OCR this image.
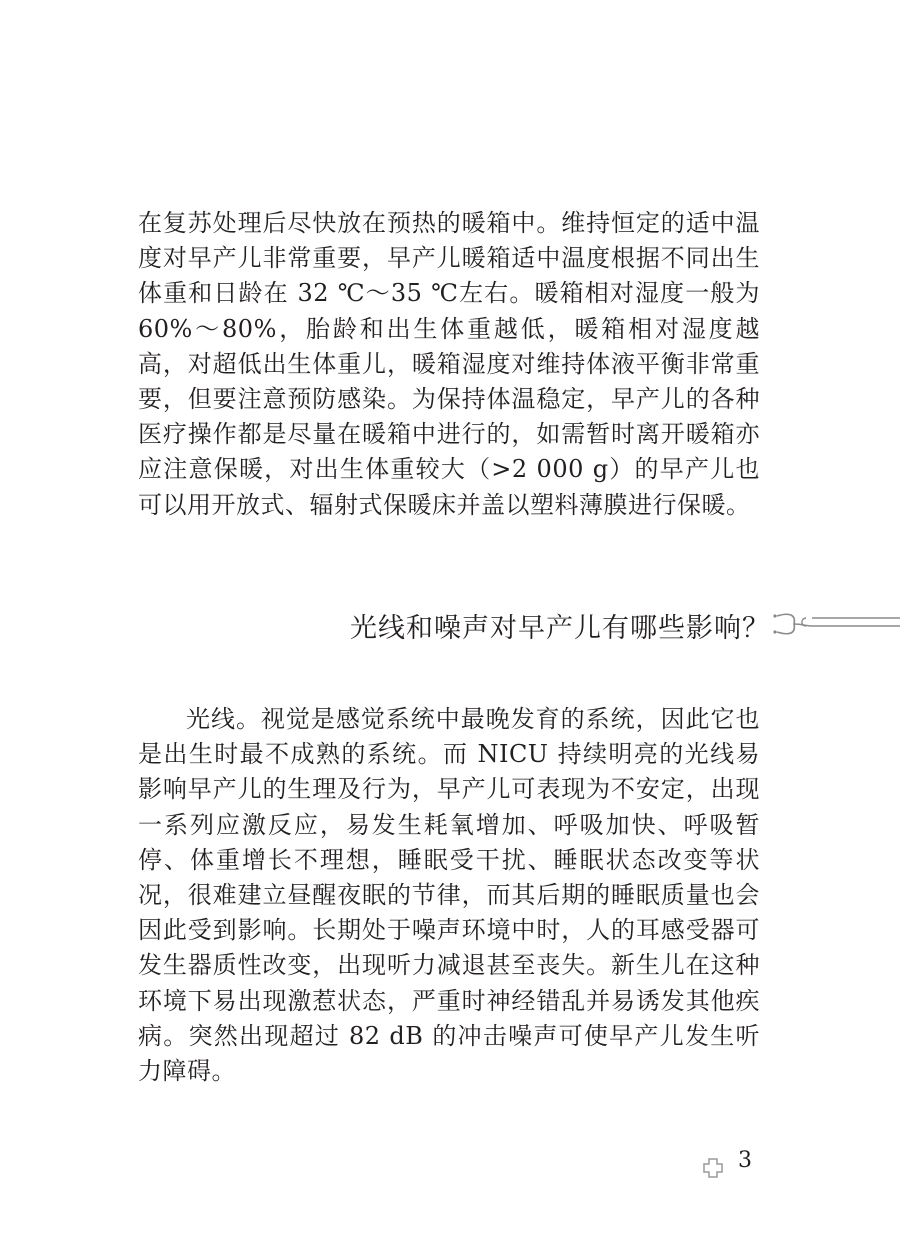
在复苏处理后尽快放在预热的暖箱中。维持恒定的适中温度对早产儿非常重要，早产儿暖箱适中温度根据不同出生体重和日龄在 32 ℃～35 ℃左右。暖箱相对湿度一般为 60%～80%，胎龄和出生体重越低，暖箱相对湿度越高，对超低出生体重儿，暖箱湿度对维持体液平衡非常重要，但要注意预防感染。为保持体温稳定，早产儿的各种医疗操作都是尽量在暖箱中进行的，如需暂时离开暖箱亦应注意保暖，对出生体重较大（>2 000 g）的早产儿也可以用开放式、辐射式保暖床并盖以塑料薄膜进行保暖。

光线和噪声对早产儿有哪些影响？

光线。视觉是感觉系统中最晚发育的系统，因此它也是出生时最不成熟的系统。而 NICU 持续明亮的光线易影响早产儿的生理及行为，早产儿可表现为不安定，出现一系列应激反应，易发生耗氧增加、呼吸加快、呼吸暂停、体重增长不理想，睡眠受干扰、睡眠状态改变等状况，很难建立昼醒夜眠的节律，而其后期的睡眠质量也会因此受到影响。长期处于噪声环境中时，人的耳感受器可发生器质性改变，出现听力减退甚至丧失。新生儿在这种环境下易出现激惹状态，严重时神经错乱并易诱发其他疾病。突然出现超过 82 dB 的冲击噪声可使早产儿发生听力障碍。

3
